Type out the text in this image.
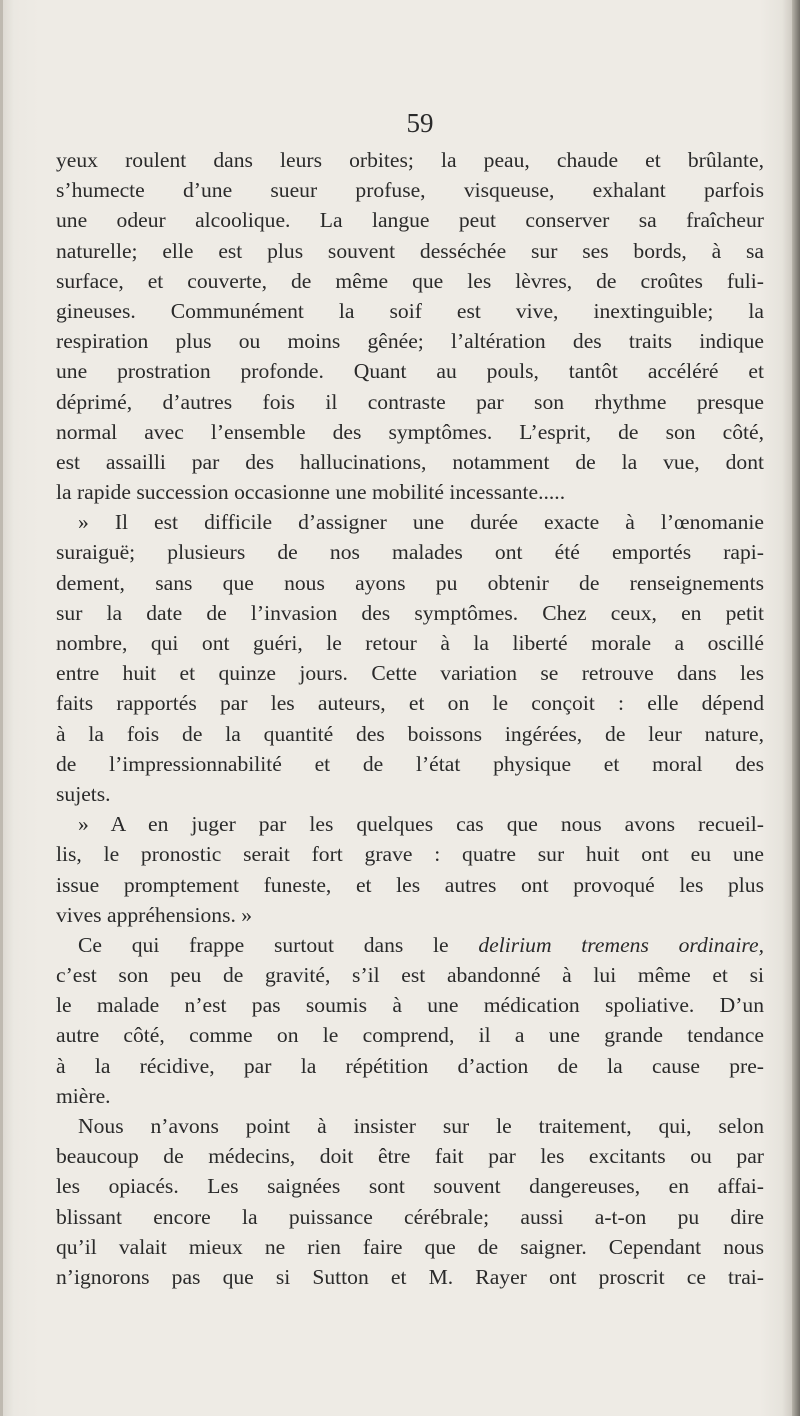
59
yeux roulent dans leurs orbites; la peau, chaude et brûlante,
s’humecte d’une sueur profuse, visqueuse, exhalant parfois
une odeur alcoolique. La langue peut conserver sa fraîcheur
naturelle; elle est plus souvent desséchée sur ses bords, à sa
surface, et couverte, de même que les lèvres, de croûtes fuli-
gineuses. Communément la soif est vive, inextinguible; la
respiration plus ou moins gênée; l’altération des traits indique
une prostration profonde. Quant au pouls, tantôt accéléré et
déprimé, d’autres fois il contraste par son rhythme presque
normal avec l’ensemble des symptômes. L’esprit, de son côté,
est assailli par des hallucinations, notamment de la vue, dont
la rapide succession occasionne une mobilité incessante.....
» Il est difficile d’assigner une durée exacte à l’œnomanie
suraiguë; plusieurs de nos malades ont été emportés rapi-
dement, sans que nous ayons pu obtenir de renseignements
sur la date de l’invasion des symptômes. Chez ceux, en petit
nombre, qui ont guéri, le retour à la liberté morale a oscillé
entre huit et quinze jours. Cette variation se retrouve dans les
faits rapportés par les auteurs, et on le conçoit : elle dépend
à la fois de la quantité des boissons ingérées, de leur nature,
de l’impressionnabilité et de l’état physique et moral des
sujets.
» A en juger par les quelques cas que nous avons recueil-
lis, le pronostic serait fort grave : quatre sur huit ont eu une
issue promptement funeste, et les autres ont provoqué les plus
vives appréhensions. »
Ce qui frappe surtout dans le delirium tremens ordinaire,
c’est son peu de gravité, s’il est abandonné à lui même et si
le malade n’est pas soumis à une médication spoliative. D’un
autre côté, comme on le comprend, il a une grande tendance
à la récidive, par la répétition d’action de la cause pre-
mière.
Nous n’avons point à insister sur le traitement, qui, selon
beaucoup de médecins, doit être fait par les excitants ou par
les opiacés. Les saignées sont souvent dangereuses, en affai-
blissant encore la puissance cérébrale; aussi a-t-on pu dire
qu’il valait mieux ne rien faire que de saigner. Cependant nous
n’ignorons pas que si Sutton et M. Rayer ont proscrit ce trai-
